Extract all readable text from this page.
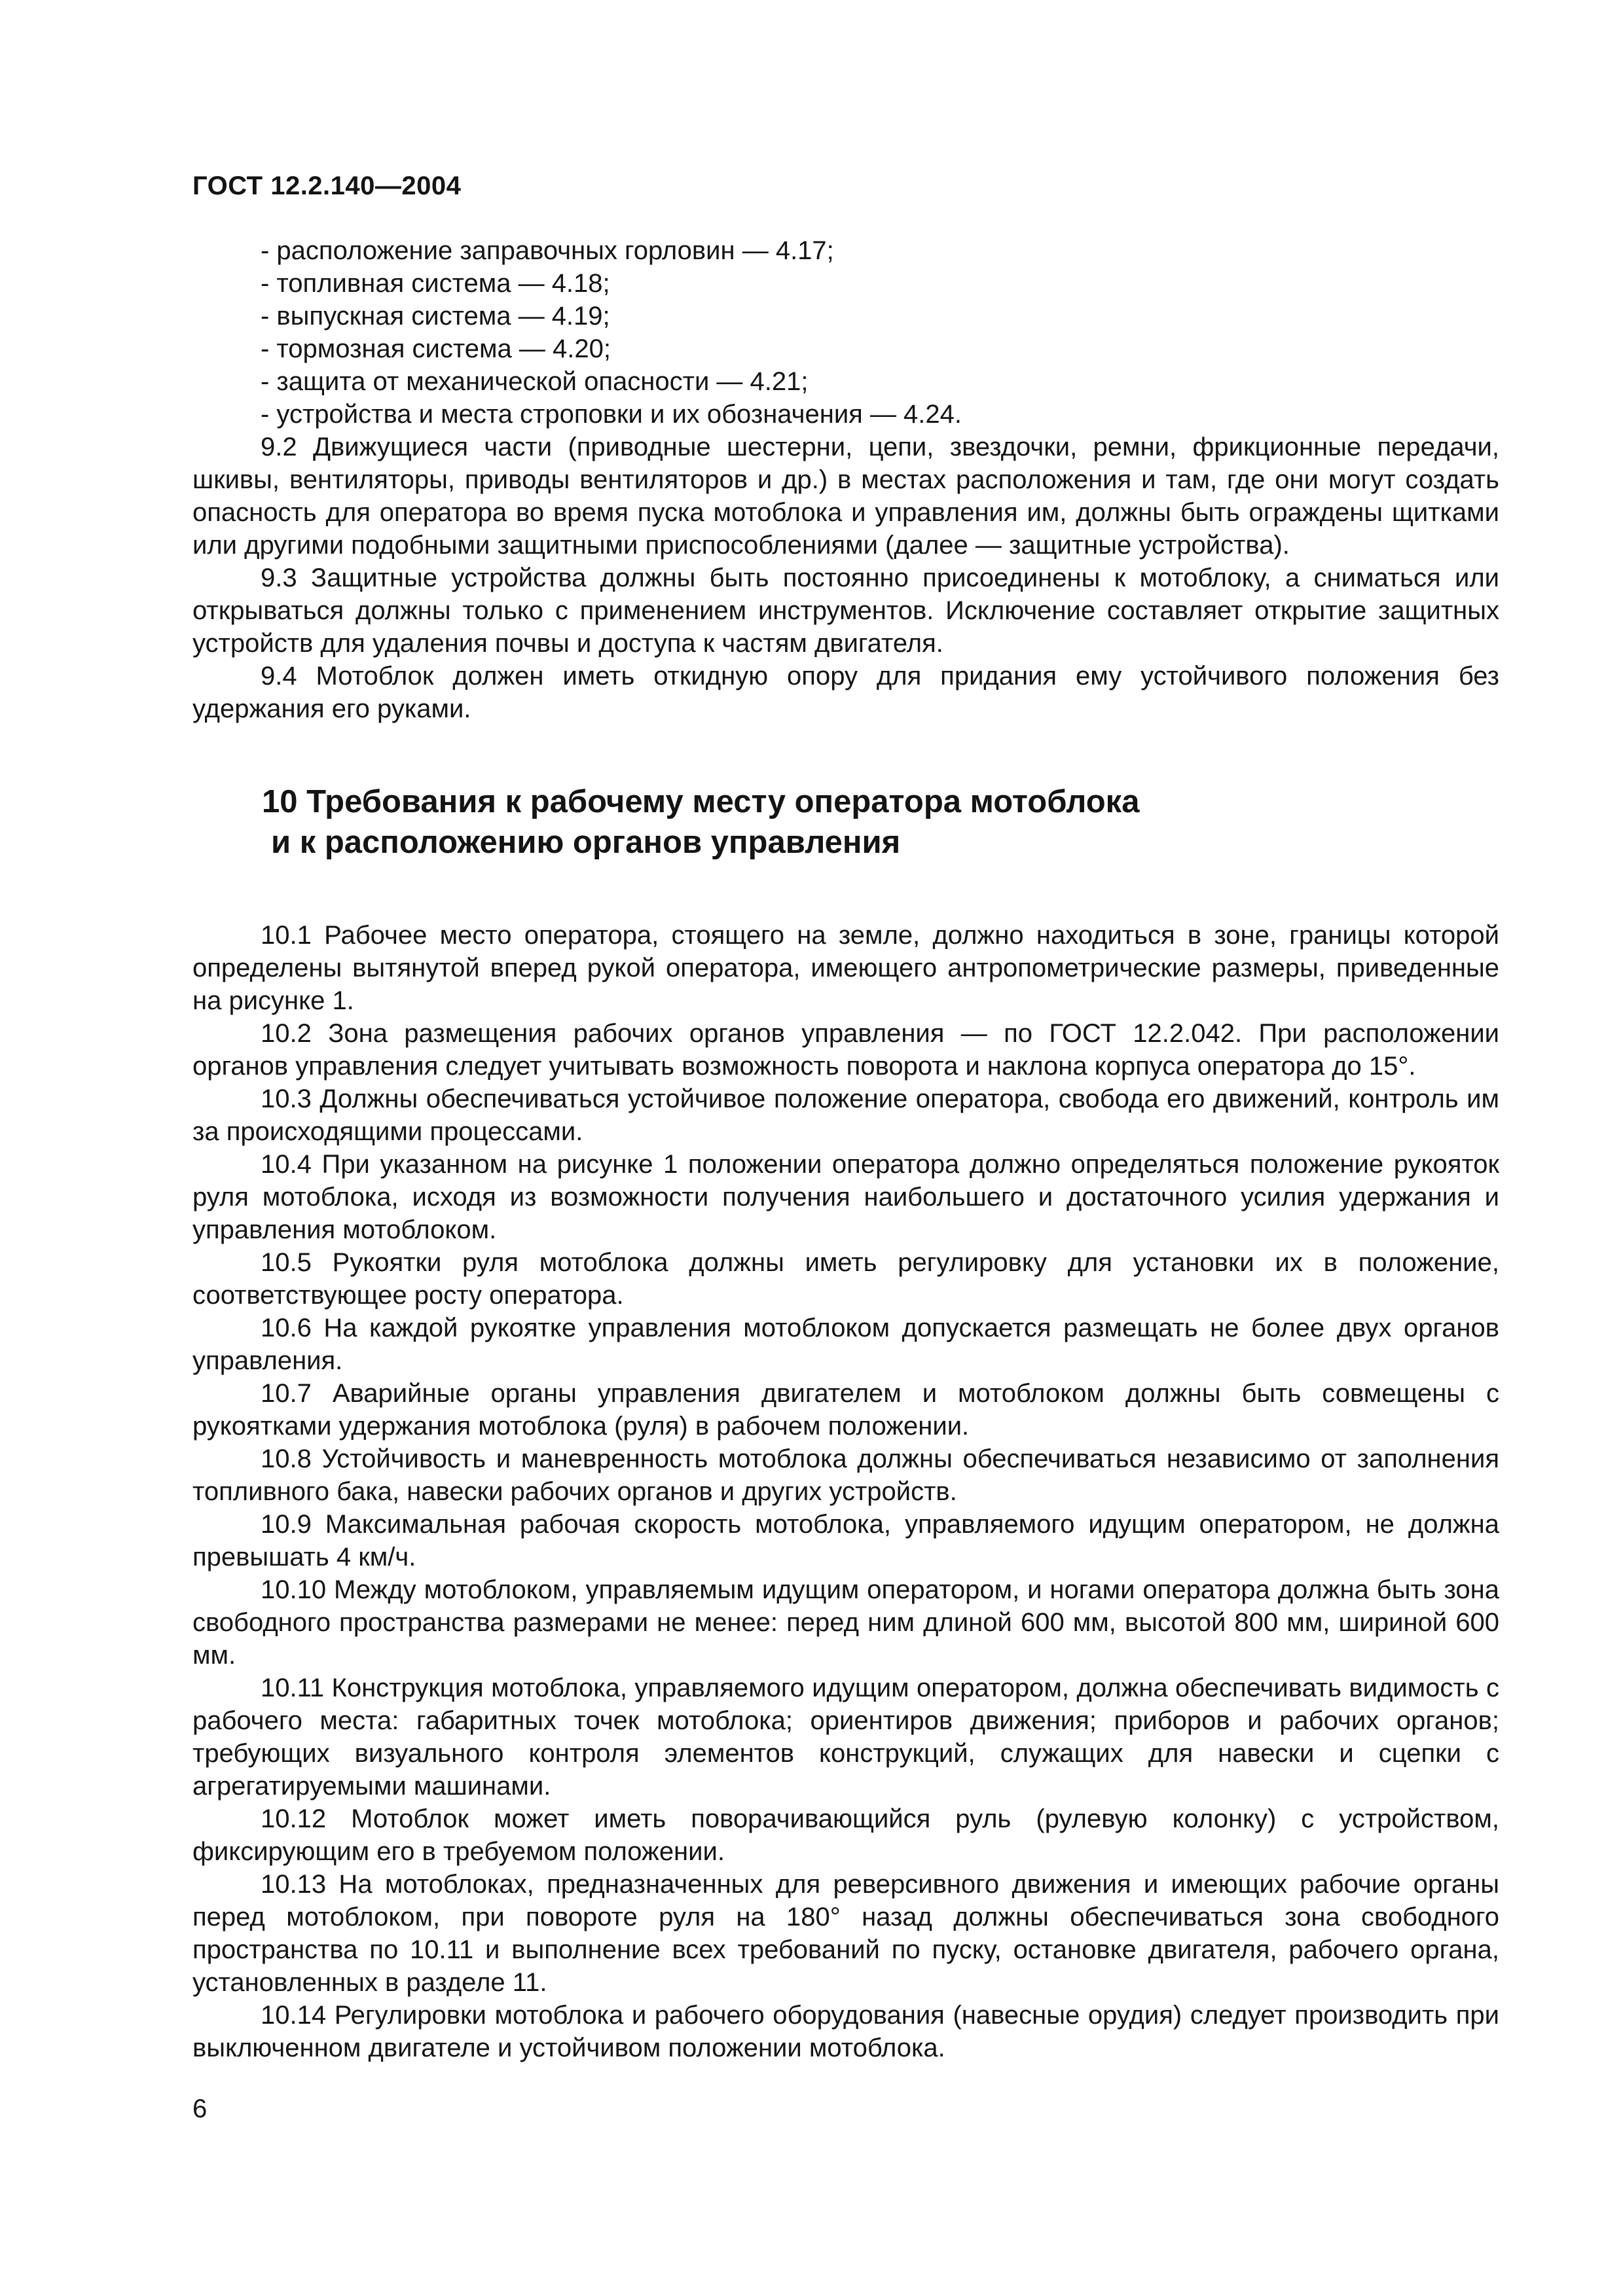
ГОСТ 12.2.140—2004

- расположение заправочных горловин — 4.17;

- топливная система — 4.18;

- выпускная система — 4.19;

- тормозная система — 4.20;

- защита от механической опасности — 4.21;

- устройства и места строповки и их обозначения — 4.24.

9.2 Движущиеся части (приводные шестерни, цепи, звездочки, ремни, фрикционные передачи, шкивы, вентиляторы, приводы вентиляторов и др.) в местах расположения и там, где они могут создать опасность для оператора во время пуска мотоблока и управления им, должны быть ограждены щитками или другими подобными защитными приспособлениями (далее — защитные устройства).

9.3 Защитные устройства должны быть постоянно присоединены к мотоблоку, а сниматься или открываться должны только с применением инструментов. Исключение составляет открытие защитных устройств для удаления почвы и доступа к частям двигателя.

9.4 Мотоблок должен иметь откидную опору для придания ему устойчивого положения без удержания его руками.

10 Требования к рабочему месту оператора мотоблока
и к расположению органов управления

10.1 Рабочее место оператора, стоящего на земле, должно находиться в зоне, границы которой определены вытянутой вперед рукой оператора, имеющего антропометрические размеры, приведенные на рисунке 1.

10.2 Зона размещения рабочих органов управления — по ГОСТ 12.2.042. При расположении органов управления следует учитывать возможность поворота и наклона корпуса оператора до 15°.

10.3 Должны обеспечиваться устойчивое положение оператора, свобода его движений, контроль им за происходящими процессами.

10.4 При указанном на рисунке 1 положении оператора должно определяться положение рукояток руля мотоблока, исходя из возможности получения наибольшего и достаточного усилия удержания и управления мотоблоком.

10.5 Рукоятки руля мотоблока должны иметь регулировку для установки их в положение, соответствующее росту оператора.

10.6 На каждой рукоятке управления мотоблоком допускается размещать не более двух органов управления.

10.7 Аварийные органы управления двигателем и мотоблоком должны быть совмещены с рукоятками удержания мотоблока (руля) в рабочем положении.

10.8 Устойчивость и маневренность мотоблока должны обеспечиваться независимо от заполнения топливного бака, навески рабочих органов и других устройств.

10.9 Максимальная рабочая скорость мотоблока, управляемого идущим оператором, не должна превышать 4 км/ч.

10.10 Между мотоблоком, управляемым идущим оператором, и ногами оператора должна быть зона свободного пространства размерами не менее: перед ним длиной 600 мм, высотой 800 мм, шириной 600 мм.

10.11 Конструкция мотоблока, управляемого идущим оператором, должна обеспечивать видимость с рабочего места: габаритных точек мотоблока; ориентиров движения; приборов и рабочих органов; требующих визуального контроля элементов конструкций, служащих для навески и сцепки с агрегатируемыми машинами.

10.12 Мотоблок может иметь поворачивающийся руль (рулевую колонку) с устройством, фиксирующим его в требуемом положении.

10.13 На мотоблоках, предназначенных для реверсивного движения и имеющих рабочие органы перед мотоблоком, при повороте руля на 180° назад должны обеспечиваться зона свободного пространства по 10.11 и выполнение всех требований по пуску, остановке двигателя, рабочего органа, установленных в разделе 11.

10.14 Регулировки мотоблока и рабочего оборудования (навесные орудия) следует производить при выключенном двигателе и устойчивом положении мотоблока.

6
